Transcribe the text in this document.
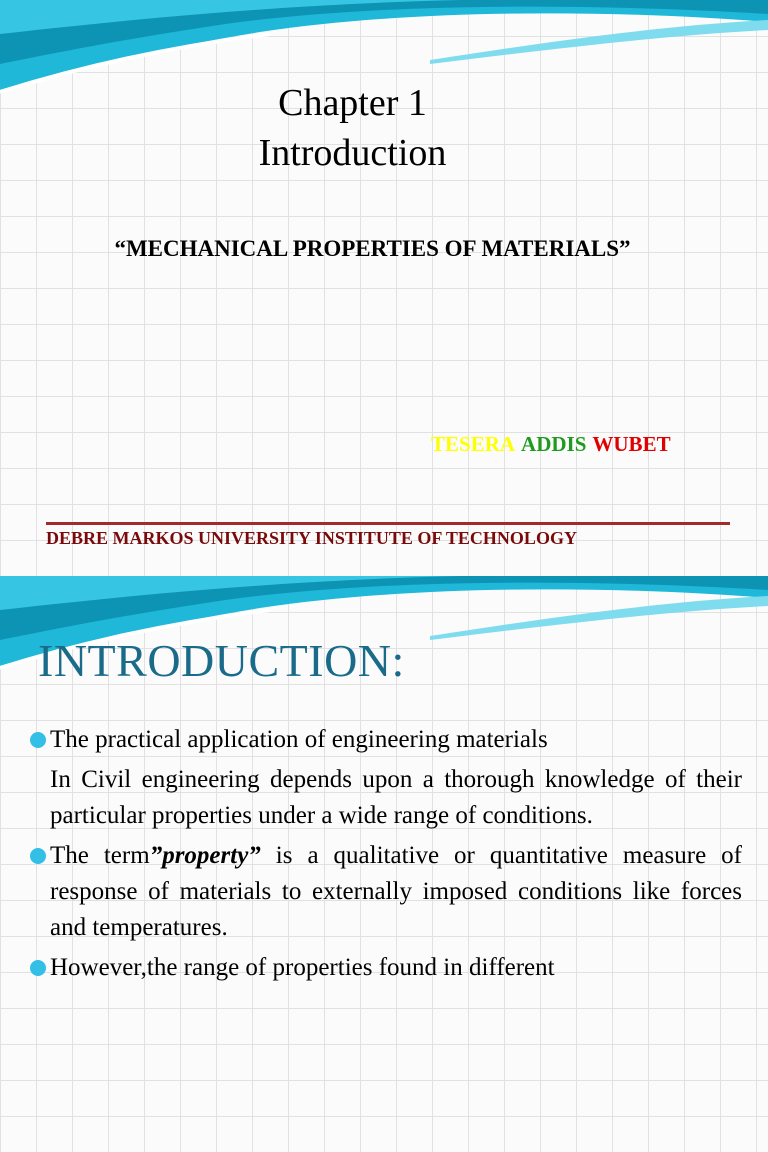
Chapter 1
Introduction
“MECHANICAL PROPERTIES OF MATERIALS”
TESERA ADDIS WUBET
DEBRE MARKOS UNIVERSITY INSTITUTE OF TECHNOLOGY
INTRODUCTION:
The practical application of engineering materials
In Civil engineering depends upon a thorough knowledge of their particular properties under a wide range of conditions.
The term”property” is a qualitative or quantitative measure of response of materials to externally imposed conditions like forces and temperatures.
However,the range of properties found in different
